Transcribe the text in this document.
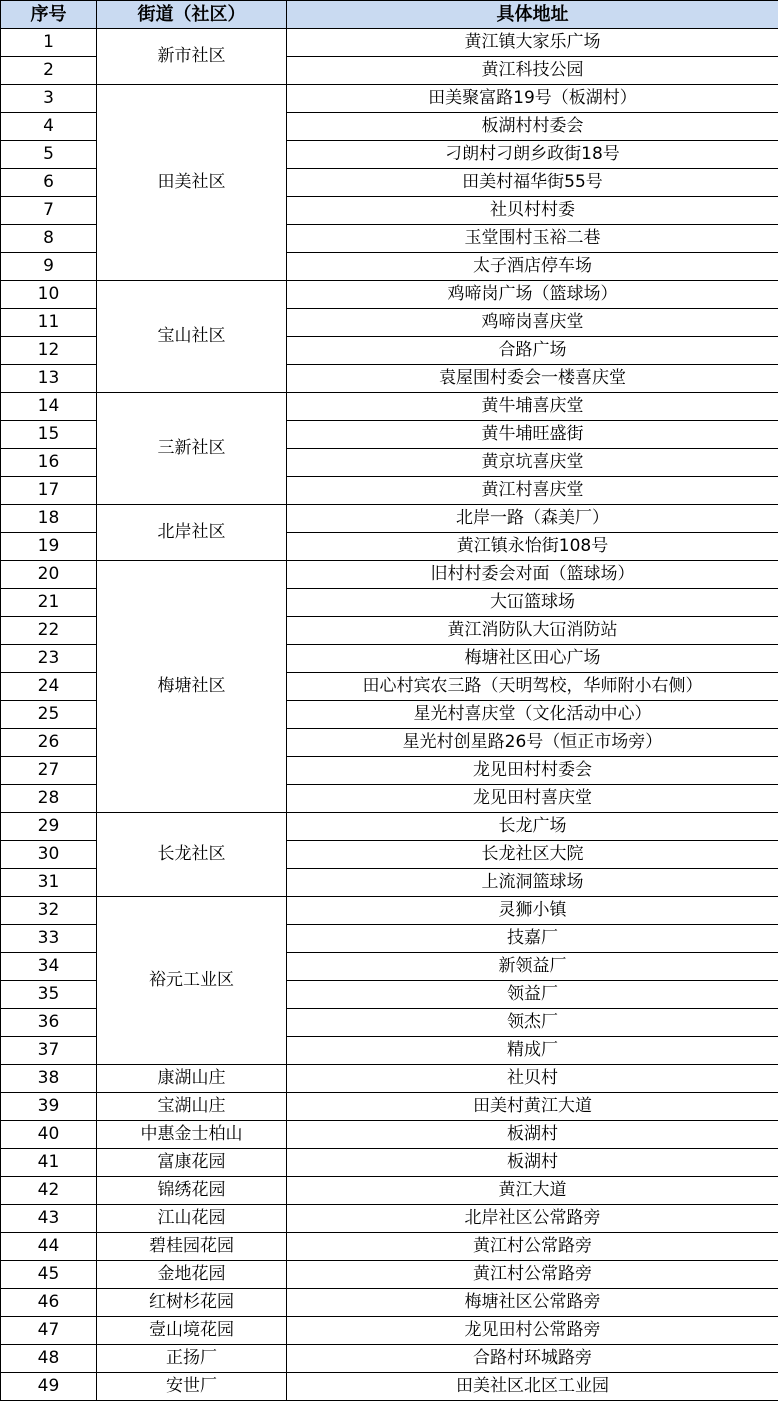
序号	街道（社区）	具体地址
1	新市社区	黄江镇大家乐广场
2		黄江科技公园
3	田美社区	田美聚富路19号（板湖村）
4		板湖村村委会
5		刁朗村刁朗乡政街18号
6		田美村福华街55号
7		社贝村村委
8		玉堂围村玉裕二巷
9		太子酒店停车场
10	宝山社区	鸡啼岗广场（篮球场）
11		鸡啼岗喜庆堂
12		合路广场
13		袁屋围村委会一楼喜庆堂
14	三新社区	黄牛埔喜庆堂
15		黄牛埔旺盛街
16		黄京坑喜庆堂
17		黄江村喜庆堂
18	北岸社区	北岸一路（森美厂）
19		黄江镇永怡街108号
20	梅塘社区	旧村村委会对面（篮球场）
21		大冚篮球场
22		黄江消防队大冚消防站
23		梅塘社区田心广场
24		田心村宾农三路（天明驾校，华师附小右侧）
25		星光村喜庆堂（文化活动中心）
26		星光村创星路26号（恒正市场旁）
27		龙见田村村委会
28		龙见田村喜庆堂
29	长龙社区	长龙广场
30		长龙社区大院
31		上流洞篮球场
32	裕元工业区	灵狮小镇
33		技嘉厂
34		新领益厂
35		领益厂
36		领杰厂
37		精成厂
38	康湖山庄	社贝村
39	宝湖山庄	田美村黄江大道
40	中惠金士柏山	板湖村
41	富康花园	板湖村
42	锦绣花园	黄江大道
43	江山花园	北岸社区公常路旁
44	碧桂园花园	黄江村公常路旁
45	金地花园	黄江村公常路旁
46	红树杉花园	梅塘社区公常路旁
47	壹山境花园	龙见田村公常路旁
48	正扬厂	合路村环城路旁
49	安世厂	田美社区北区工业园
